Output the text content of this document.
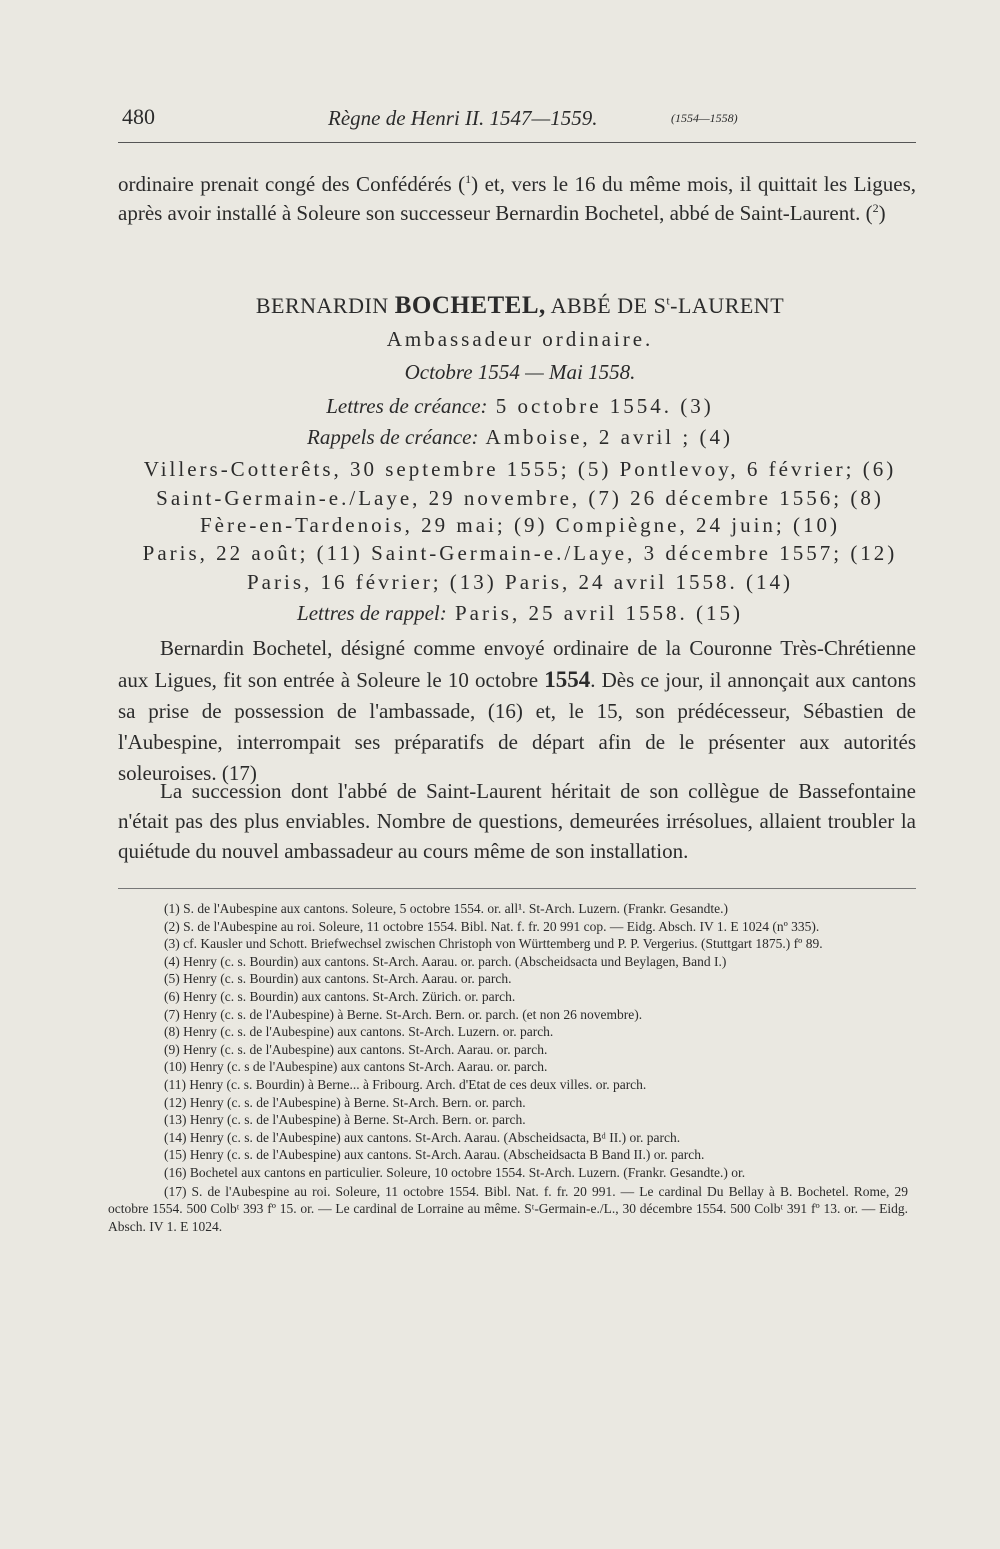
480	Règne de Henri II. 1547—1559.	(1554—1558)
ordinaire prenait congé des Confédérés ($^1$) et, vers le 16 du même mois, il quittait les Ligues, après avoir installé à Soleure son successeur Bernardin Bochetel, abbé de Saint-Laurent. ($^2$)
BERNARDIN BOCHETEL, ABBÉ DE $S^t$-LAURENT
Ambassadeur ordinaire.
Octobre 1554 — Mai 1558.
Lettres de créance: 5 octobre 1554. (3)
Rappels de créance: Amboise, 2 avril ; (4)
Villers-Cotterêts, 30 septembre 1555; (5) Pontlevoy, 6 février; (6)
Saint-Germain-e./Laye, 29 novembre, (7) 26 décembre 1556; (8)
Fère-en-Tardenois, 29 mai; (9) Compiègne, 24 juin; (10)
Paris, 22 août; (11) Saint-Germain-e./Laye, 3 décembre 1557; (12)
Paris, 16 février; (13) Paris, 24 avril 1558. (14)
Lettres de rappel: Paris, 25 avril 1558. (15)
Bernardin Bochetel, désigné comme envoyé ordinaire de la Couronne Très-Chrétienne aux Ligues, fit son entrée à Soleure le 10 octobre 1554. Dès ce jour, il annonçait aux cantons sa prise de possession de l'ambassade, (16) et, le 15, son prédécesseur, Sébastien de l'Aubespine, interrompait ses préparatifs de départ afin de le présenter aux autorités soleuroises. (17)
La succession dont l'abbé de Saint-Laurent héritait de son collègue de Bassefontaine n'était pas des plus enviables. Nombre de questions, demeurées irrésolues, allaient troubler la quiétude du nouvel ambassadeur au cours même de son installation.

(1) S. de l'Aubespine aux cantons. Soleure, 5 octobre 1554. or. all¹. St-Arch. Luzern. (Frankr. Gesandte.)

(2) S. de l'Aubespine au roi. Soleure, 11 octobre 1554. Bibl. Nat. f. fr. 20 991 cop. — Eidg. Absch. IV 1. E 1024 (nº 335).

(3) cf. Kausler und Schott. Briefwechsel zwischen Christoph von Württemberg und P. P. Vergerius. (Stuttgart 1875.) fº 89.

(4) Henry (c. s. Bourdin) aux cantons. St-Arch. Aarau. or. parch. (Abscheidsacta und Beylagen, Band I.)

(5) Henry (c. s. Bourdin) aux cantons. St-Arch. Aarau. or. parch.

(6) Henry (c. s. Bourdin) aux cantons. St-Arch. Zürich. or. parch.

(7) Henry (c. s. de l'Aubespine) à Berne. St-Arch. Bern. or. parch. (et non 26 novembre).

(8) Henry (c. s. de l'Aubespine) aux cantons. St-Arch. Luzern. or. parch.

(9) Henry (c. s. de l'Aubespine) aux cantons. St-Arch. Aarau. or. parch.

(10) Henry (c. s de l'Aubespine) aux cantons St-Arch. Aarau. or. parch.

(11) Henry (c. s. Bourdin) à Berne... à Fribourg. Arch. d'Etat de ces deux villes. or. parch.

(12) Henry (c. s. de l'Aubespine) à Berne. St-Arch. Bern. or. parch.

(13) Henry (c. s. de l'Aubespine) à Berne. St-Arch. Bern. or. parch.

(14) Henry (c. s. de l'Aubespine) aux cantons. St-Arch. Aarau. (Abscheidsacta, Bᵈ II.) or. parch.

(15) Henry (c. s. de l'Aubespine) aux cantons. St-Arch. Aarau. (Abscheidsacta B Band II.) or. parch.

(16) Bochetel aux cantons en particulier. Soleure, 10 octobre 1554. St-Arch. Luzern. (Frankr. Gesandte.) or.

(17) S. de l'Aubespine au roi. Soleure, 11 octobre 1554. Bibl. Nat. f. fr. 20 991. — Le cardinal Du Bellay à B. Bochetel. Rome, 29 octobre 1554. 500 Colbᵗ 393 fº 15. or. — Le cardinal de Lorraine au même. Sᵗ-Germain-e./L., 30 décembre 1554. 500 Colbᵗ 391 fº 13. or. — Eidg. Absch. IV 1. E 1024.
